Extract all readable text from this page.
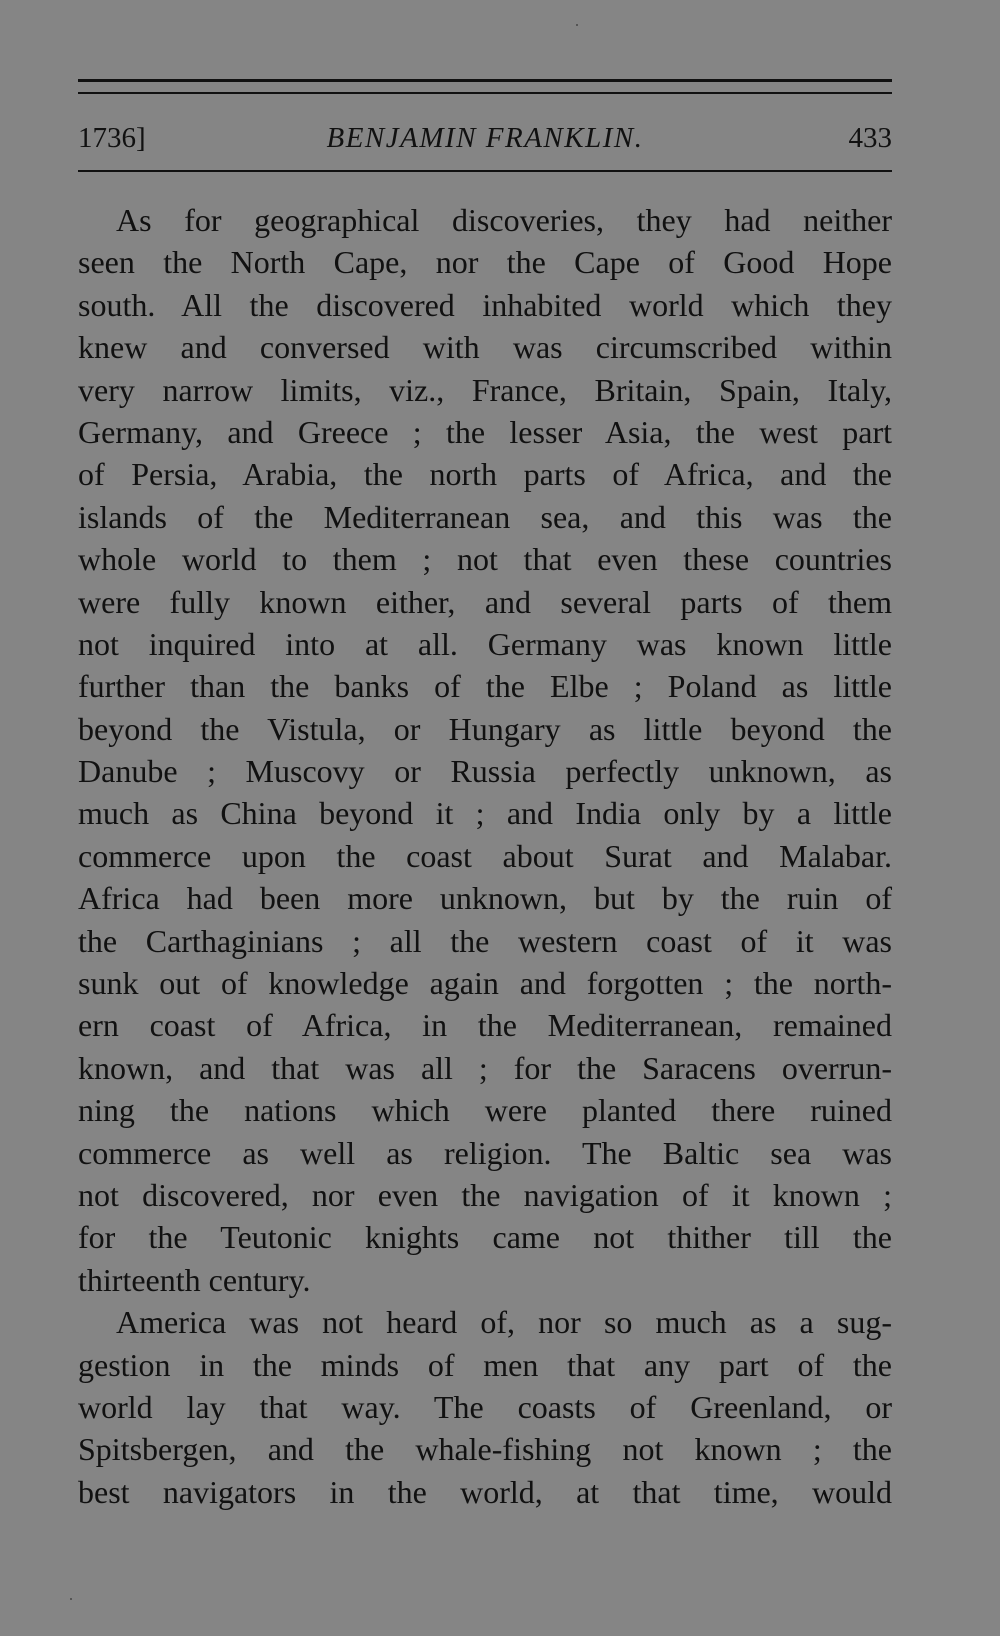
1736]	BENJAMIN FRANKLIN.	433
As for geographical discoveries, they had neither
seen the North Cape, nor the Cape of Good Hope
south. All the discovered inhabited world which they
knew and conversed with was circumscribed within
very narrow limits, viz., France, Britain, Spain, Italy,
Germany, and Greece ; the lesser Asia, the west part
of Persia, Arabia, the north parts of Africa, and the
islands of the Mediterranean sea, and this was the
whole world to them ; not that even these countries
were fully known either, and several parts of them
not inquired into at all. Germany was known little
further than the banks of the Elbe ; Poland as little
beyond the Vistula, or Hungary as little beyond the
Danube ; Muscovy or Russia perfectly unknown, as
much as China beyond it ; and India only by a little
commerce upon the coast about Surat and Malabar.
Africa had been more unknown, but by the ruin of
the Carthaginians ; all the western coast of it was
sunk out of knowledge again and forgotten ; the north-
ern coast of Africa, in the Mediterranean, remained
known, and that was all ; for the Saracens overrun-
ning the nations which were planted there ruined
commerce as well as religion. The Baltic sea was
not discovered, nor even the navigation of it known ;
for the Teutonic knights came not thither till the
thirteenth century.
America was not heard of, nor so much as a sug-
gestion in the minds of men that any part of the
world lay that way. The coasts of Greenland, or
Spitsbergen, and the whale-fishing not known ; the
best navigators in the world, at that time, would
